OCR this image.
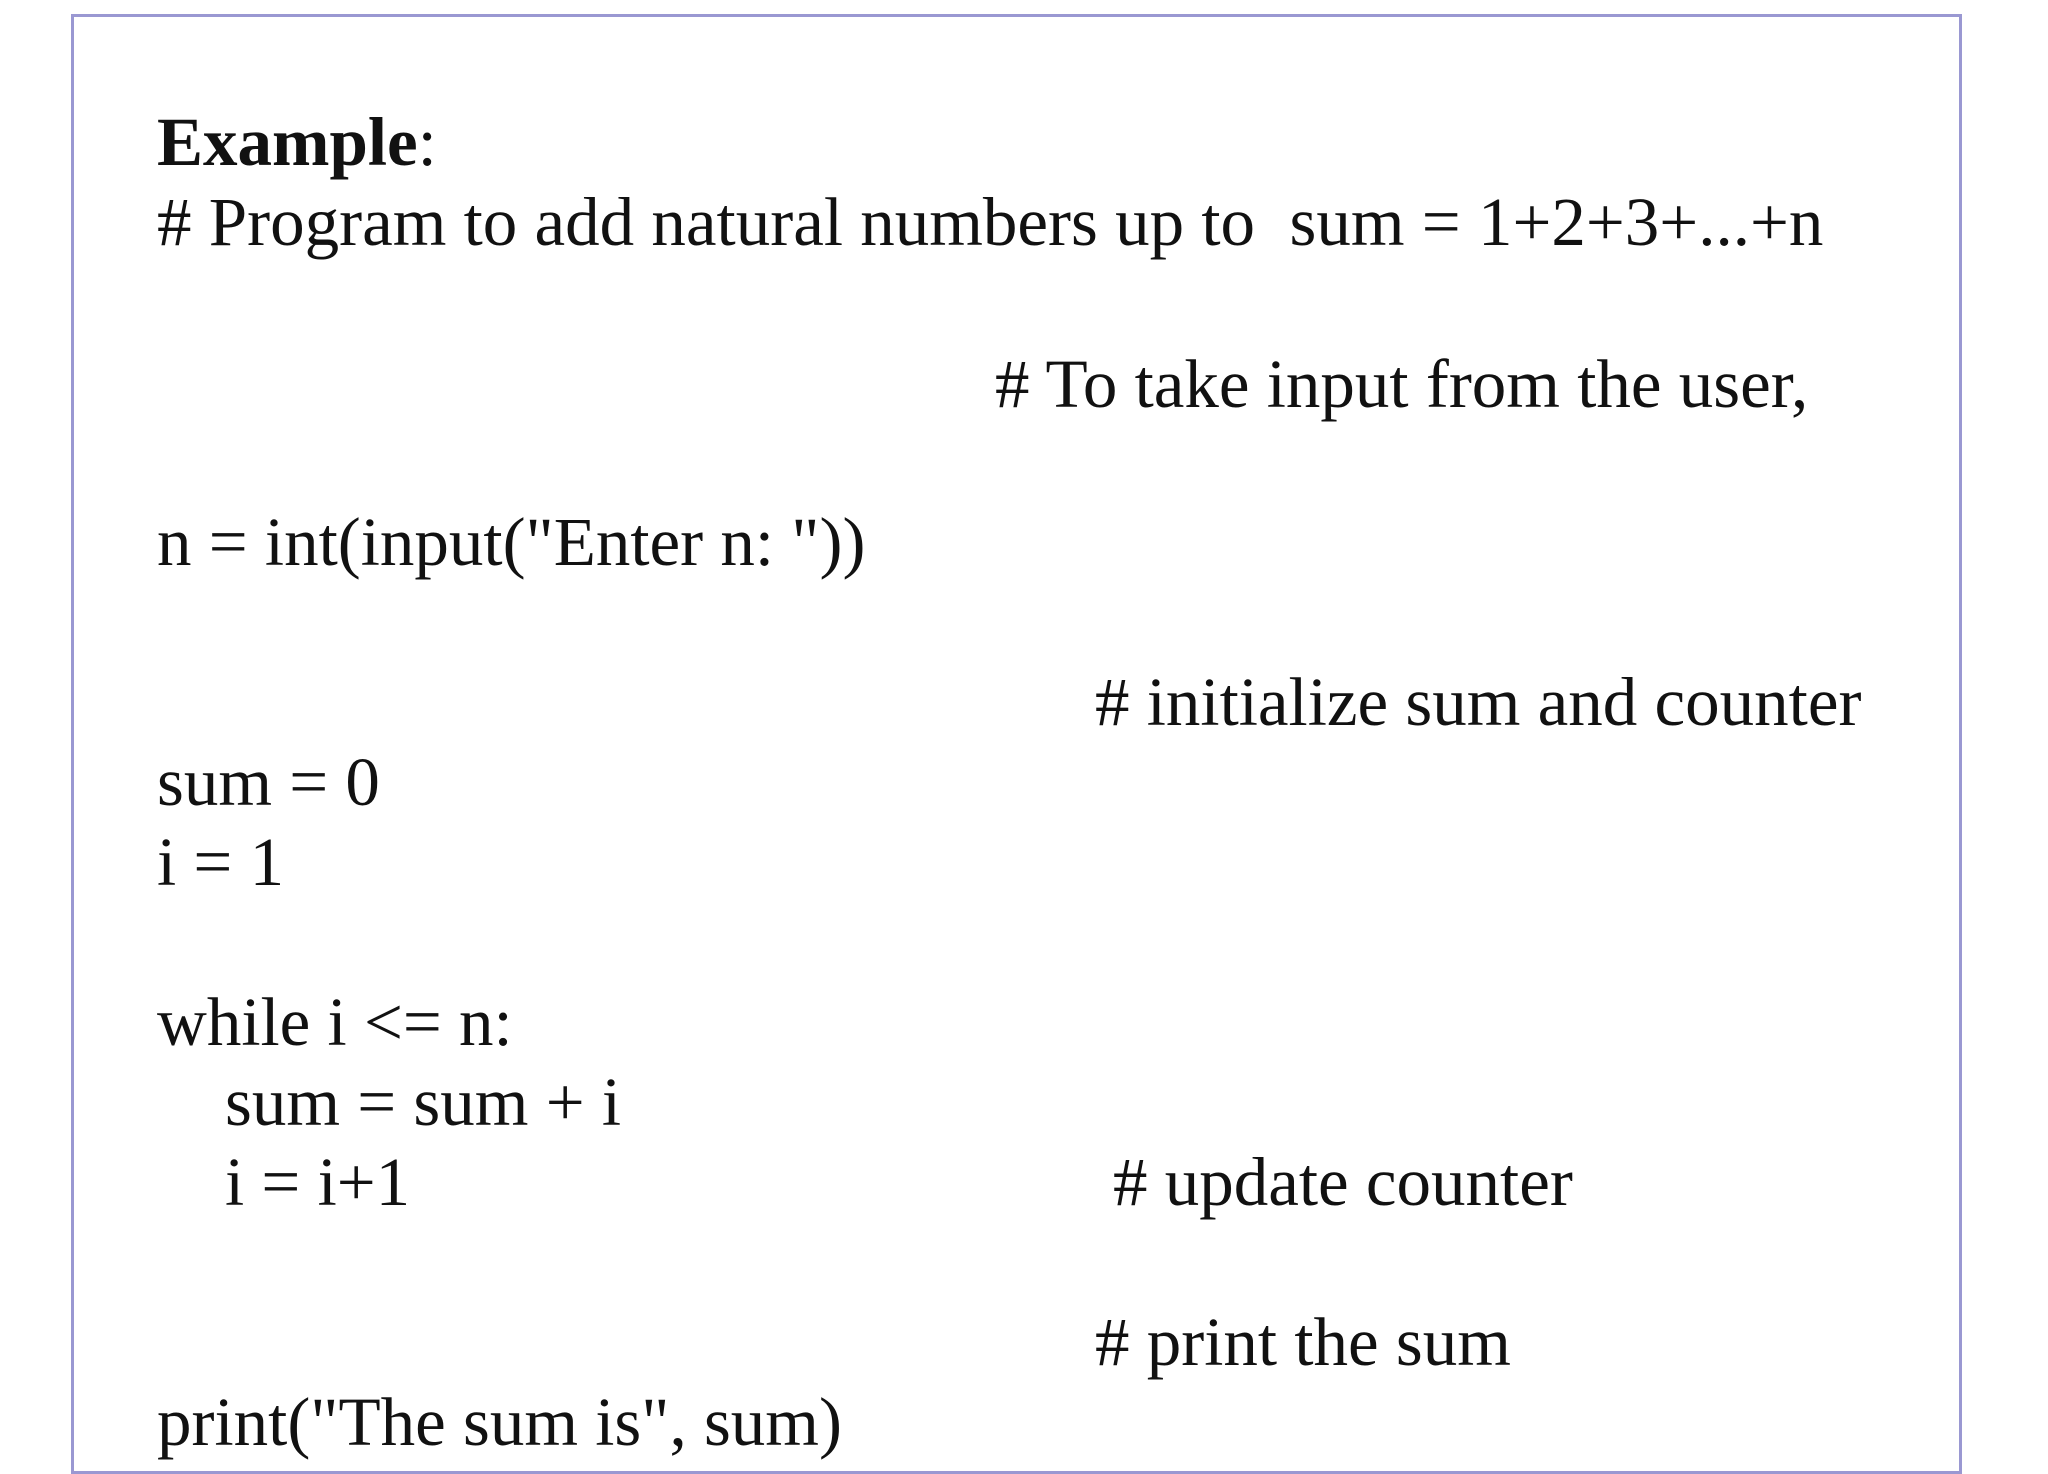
Example:
# Program to add natural numbers up to  sum = 1+2+3+...+n
# To take input from the user,
n = int(input("Enter n: "))
# initialize sum and counter
sum = 0
i = 1
while i <= n:
sum = sum + i
i = i+1	# update counter
# print the sum
print("The sum is", sum)
